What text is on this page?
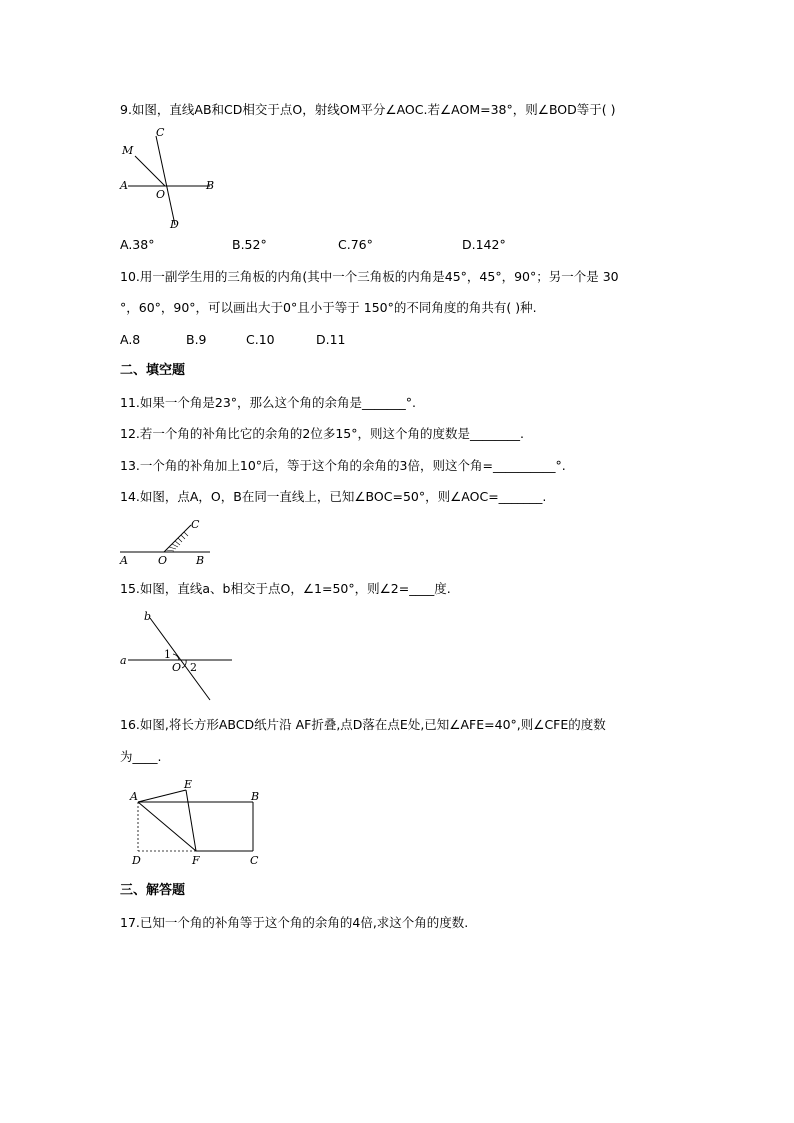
9.如图，直线AB和CD相交于点O，射线OM平分∠AOC.若∠AOM=38°，则∠BOD等于( )
M
C
A
O
B
D
A.38°	B.52°	C.76°	D.142°
10.用一副学生用的三角板的内角(其中一个三角板的内角是45°，45°，90°；另一个是 30
°，60°，90°，可以画出大于0°且小于等于 150°的不同角度的角共有( )种.
A.8	B.9	C.10	D.11
二、填空题
11.如果一个角是23°，那么这个角的余角是_______°.
12.若一个角的补角比它的余角的2位多15°，则这个角的度数是________.
13.一个角的补角加上10°后，等于这个角的余角的3倍，则这个角=__________°.
14.如图，点A，O，B在同一直线上，已知∠BOC=50°，则∠AOC=_______.
C
A	O	B
15.如图，直线a、b相交于点O，∠1=50°，则∠2=____度.
b
a	1
O 2
16.如图,将长方形ABCD纸片沿 AF折叠,点D落在点E处,已知∠AFE=40°,则∠CFE的度数
为____.
A
E
B
D	F	C
三、解答题
17.已知一个角的补角等于这个角的余角的4倍,求这个角的度数.
